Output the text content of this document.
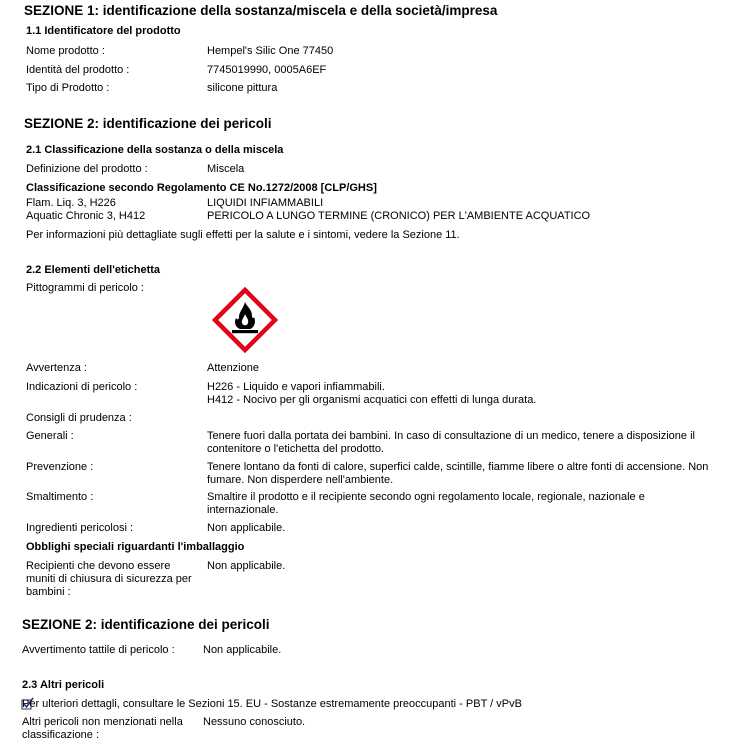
SEZIONE 1: identificazione della sostanza/miscela e della società/impresa
1.1 Identificatore del prodotto
Nome prodotto :	Hempel's Silic One 77450
Identità del prodotto :	7745019990, 0005A6EF
Tipo di Prodotto :	silicone pittura
SEZIONE 2: identificazione dei pericoli
2.1 Classificazione della sostanza o della miscela
Definizione del prodotto :	Miscela
Classificazione secondo Regolamento CE No.1272/2008 [CLP/GHS]
Flam. Liq. 3, H226	LIQUIDI INFIAMMABILI
Aquatic Chronic 3, H412	PERICOLO A LUNGO TERMINE (CRONICO) PER L'AMBIENTE ACQUATICO
Per informazioni più dettagliate sugli effetti per la salute e i sintomi, vedere la Sezione 11.
2.2 Elementi dell'etichetta
Pittogrammi di pericolo :
Avvertenza :	Attenzione
Indicazioni di pericolo :	H226 - Liquido e vapori infiammabili.
H412 - Nocivo per gli organismi acquatici con effetti di lunga durata.
Consigli di prudenza :
Generali :	Tenere fuori dalla portata dei bambini. In caso di consultazione di un medico, tenere a disposizione il
contenitore o l'etichetta del prodotto.
Prevenzione :	Tenere lontano da fonti di calore, superfici calde, scintille, fiamme libere o altre fonti di accensione. Non
fumare. Non disperdere nell'ambiente.
Smaltimento :	Smaltire il prodotto e il recipiente secondo ogni regolamento locale, regionale, nazionale e
internazionale.
Ingredienti pericolosi :	Non applicabile.
Obblighi speciali riguardanti l'imballaggio
Recipienti che devono essere
muniti di chiusura di sicurezza per
bambini :
Non applicabile.
SEZIONE 2: identificazione dei pericoli
Avvertimento tattile di pericolo :	Non applicabile.
2.3 Altri pericoli
Per ulteriori dettagli, consultare le Sezioni 15. EU - Sostanze estremamente preoccupanti - PBT / vPvB
Altri pericoli non menzionati nella
classificazione :
Nessuno conosciuto.
